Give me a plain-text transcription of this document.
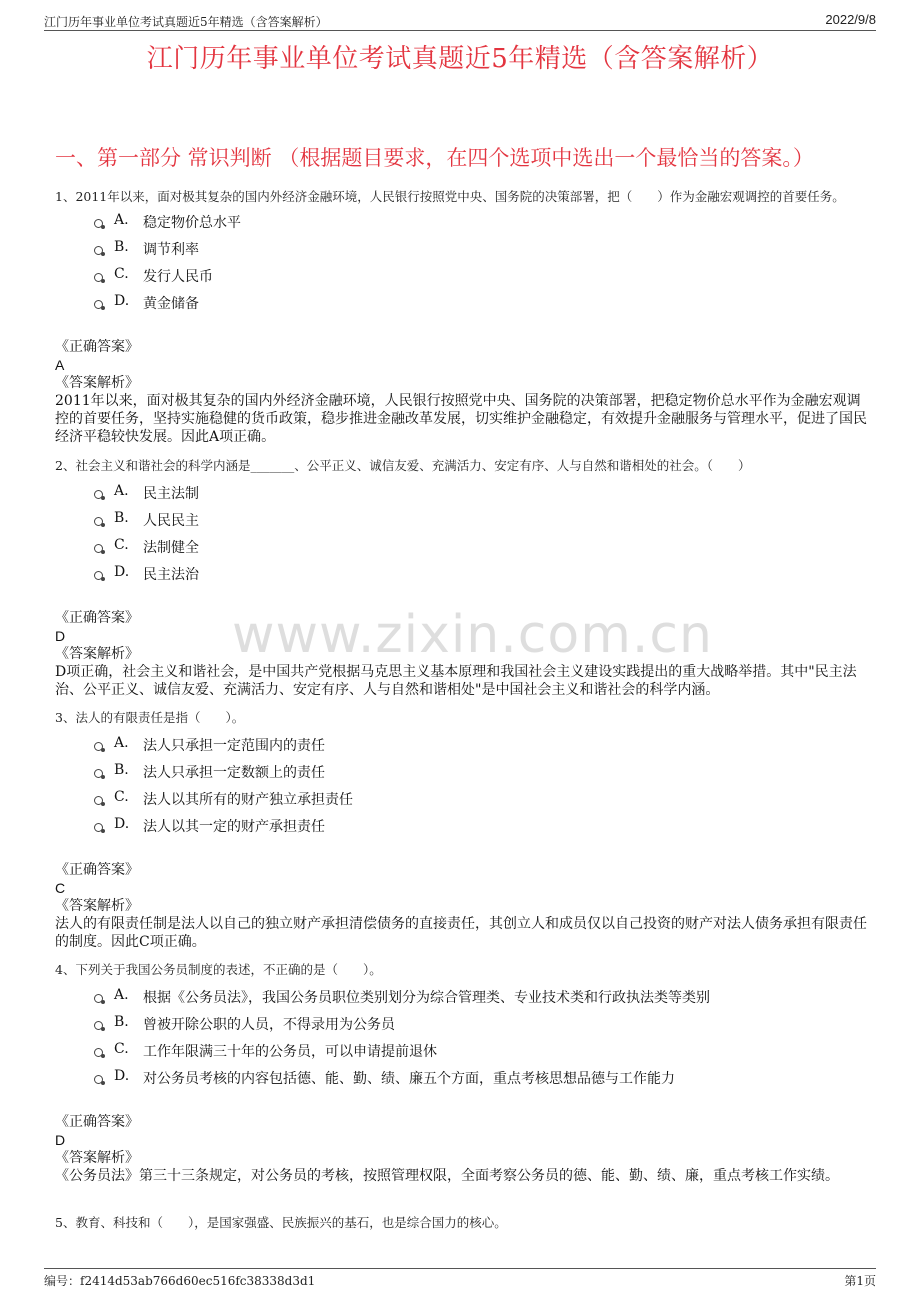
江门历年事业单位考试真题近5年精选（含答案解析）	2022/9/8
江门历年事业单位考试真题近5年精选（含答案解析）
一、第一部分 常识判断 （根据题目要求，在四个选项中选出一个最恰当的答案。）
www.zixin.com.cn
1、2011年以来，面对极其复杂的国内外经济金融环境，人民银行按照党中央、国务院的决策部署，把（　　）作为金融宏观调控的首要任务。
A. 稳定物价总水平
B. 调节利率
C. 发行人民币
D. 黄金储备
《正确答案》
A
《答案解析》
2011年以来，面对极其复杂的国内外经济金融环境，人民银行按照党中央、国务院的决策部署，把稳定物价总水平作为金融宏观调控的首要任务，坚持实施稳健的货币政策，稳步推进金融改革发展，切实维护金融稳定，有效提升金融服务与管理水平，促进了国民经济平稳较快发展。因此A项正确。
2、社会主义和谐社会的科学内涵是_______、公平正义、诚信友爱、充满活力、安定有序、人与自然和谐相处的社会。（　　）
A. 民主法制
B. 人民民主
C. 法制健全
D. 民主法治
《正确答案》
D
《答案解析》
D项正确，社会主义和谐社会，是中国共产党根据马克思主义基本原理和我国社会主义建设实践提出的重大战略举措。其中"民主法治、公平正义、诚信友爱、充满活力、安定有序、人与自然和谐相处"是中国社会主义和谐社会的科学内涵。
3、法人的有限责任是指（　　）。
A. 法人只承担一定范围内的责任
B. 法人只承担一定数额上的责任
C. 法人以其所有的财产独立承担责任
D. 法人以其一定的财产承担责任
《正确答案》
C
《答案解析》
法人的有限责任制是法人以自己的独立财产承担清偿债务的直接责任，其创立人和成员仅以自己投资的财产对法人债务承担有限责任的制度。因此C项正确。
4、下列关于我国公务员制度的表述，不正确的是（　　）。
A. 根据《公务员法》，我国公务员职位类别划分为综合管理类、专业技术类和行政执法类等类别
B. 曾被开除公职的人员，不得录用为公务员
C. 工作年限满三十年的公务员，可以申请提前退休
D. 对公务员考核的内容包括德、能、勤、绩、廉五个方面，重点考核思想品德与工作能力
《正确答案》
D
《答案解析》
《公务员法》第三十三条规定，对公务员的考核，按照管理权限，全面考察公务员的德、能、勤、绩、廉，重点考核工作实绩。
5、教育、科技和（　　），是国家强盛、民族振兴的基石，也是综合国力的核心。
编号：f2414d53ab766d60ec516fc38338d3d1	第1页
